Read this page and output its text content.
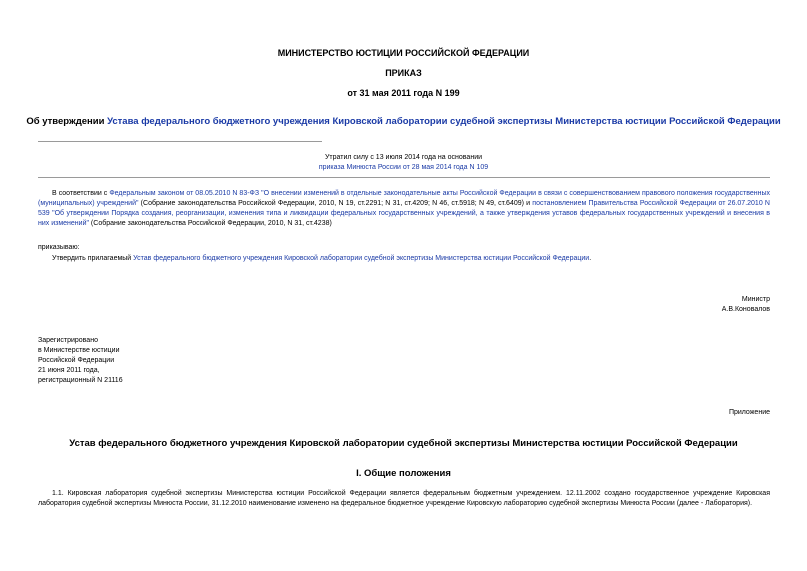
МИНИСТЕРСТВО ЮСТИЦИИ РОССИЙСКОЙ ФЕДЕРАЦИИ
ПРИКАЗ
от 31 мая 2011 года N 199
Об утверждении Устава федерального бюджетного учреждения Кировской лаборатории судебной экспертизы Министерства юстиции Российской Федерации
Утратил силу с 13 июля 2014 года на основании
приказа Минюста России от 28 мая 2014 года N 109
В соответствии с Федеральным законом от 08.05.2010 N 83-ФЗ "О внесении изменений в отдельные законодательные акты Российской Федерации в связи с совершенствованием правового положения государственных (муниципальных) учреждений" (Собрание законодательства Российской Федерации, 2010, N 19, ст.2291; N 31, ст.4209; N 46, ст.5918; N 49, ст.6409) и постановлением Правительства Российской Федерации от 26.07.2010 N 539 "Об утверждении Порядка создания, реорганизации, изменения типа и ликвидации федеральных государственных учреждений, а также утверждения уставов федеральных государственных учреждений и внесения в них изменений" (Собрание законодательства Российской Федерации, 2010, N 31, ст.4238)
приказываю:
Утвердить прилагаемый Устав федерального бюджетного учреждения Кировской лаборатории судебной экспертизы Министерства юстиции Российской Федерации.
Министр
А.В.Коновалов
Зарегистрировано
в Министерстве юстиции
Российской Федерации
21 июня 2011 года,
регистрационный N 21116
Приложение
Устав федерального бюджетного учреждения Кировской лаборатории судебной экспертизы Министерства юстиции Российской Федерации
I. Общие положения
1.1. Кировская лаборатория судебной экспертизы Министерства юстиции Российской Федерации является федеральным бюджетным учреждением. 12.11.2002 создано государственное учреждение Кировская лаборатория судебной экспертизы Минюста России, 31.12.2010 наименование изменено на федеральное бюджетное учреждение Кировскую лабораторию судебной экспертизы Минюста России (далее - Лаборатория).
